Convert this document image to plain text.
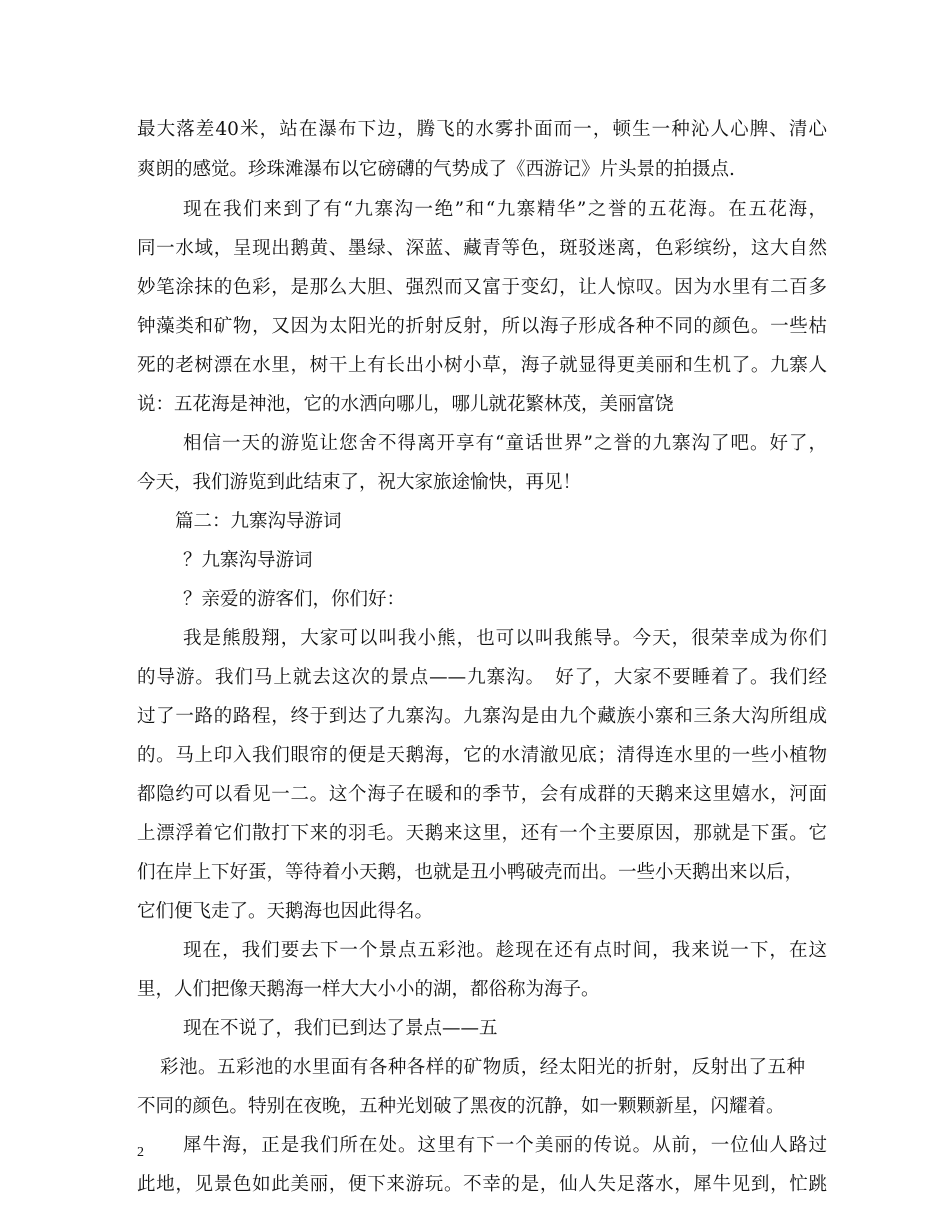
最大落差40米，站在瀑布下边，腾飞的水雾扑面而一，顿生一种沁人心脾、清心
爽朗的感觉。珍珠滩瀑布以它磅礴的气势成了《西游记》片头景的拍摄点.
现在我们来到了有“九寨沟一绝”和“九寨精华”之誉的五花海。在五花海，
同一水域，呈现出鹅黄、墨绿、深蓝、藏青等色，斑驳迷离，色彩缤纷，这大自然
妙笔涂抹的色彩，是那么大胆、强烈而又富于变幻，让人惊叹。因为水里有二百多
钟藻类和矿物，又因为太阳光的折射反射，所以海子形成各种不同的颜色。一些枯
死的老树漂在水里，树干上有长出小树小草，海子就显得更美丽和生机了。九寨人
说：五花海是神池，它的水洒向哪儿，哪儿就花繁林茂，美丽富饶
相信一天的游览让您舍不得离开享有“童话世界”之誉的九寨沟了吧。好了，
今天，我们游览到此结束了，祝大家旅途愉快，再见！
篇二：九寨沟导游词
？九寨沟导游词
？亲爱的游客们，你们好：
我是熊殷翔，大家可以叫我小熊，也可以叫我熊导。今天，很荣幸成为你们
的导游。我们马上就去这次的景点——九寨沟。　好了，大家不要睡着了。我们经
过了一路的路程，终于到达了九寨沟。九寨沟是由九个藏族小寨和三条大沟所组成
的。马上印入我们眼帘的便是天鹅海，它的水清澈见底；清得连水里的一些小植物
都隐约可以看见一二。这个海子在暖和的季节，会有成群的天鹅来这里嬉水，河面
上漂浮着它们散打下来的羽毛。天鹅来这里，还有一个主要原因，那就是下蛋。它
们在岸上下好蛋，等待着小天鹅，也就是丑小鸭破壳而出。一些小天鹅出来以后，
它们便飞走了。天鹅海也因此得名。
现在，我们要去下一个景点五彩池。趁现在还有点时间，我来说一下，在这
里，人们把像天鹅海一样大大小小的湖，都俗称为海子。
现在不说了，我们已到达了景点——五
彩池。五彩池的水里面有各种各样的矿物质，经太阳光的折射，反射出了五种
不同的颜色。特别在夜晚，五种光划破了黑夜的沉静，如一颗颗新星，闪耀着。
犀牛海，正是我们所在处。这里有下一个美丽的传说。从前，一位仙人路过
此地，见景色如此美丽，便下来游玩。不幸的是，仙人失足落水，犀牛见到，忙跳
2
